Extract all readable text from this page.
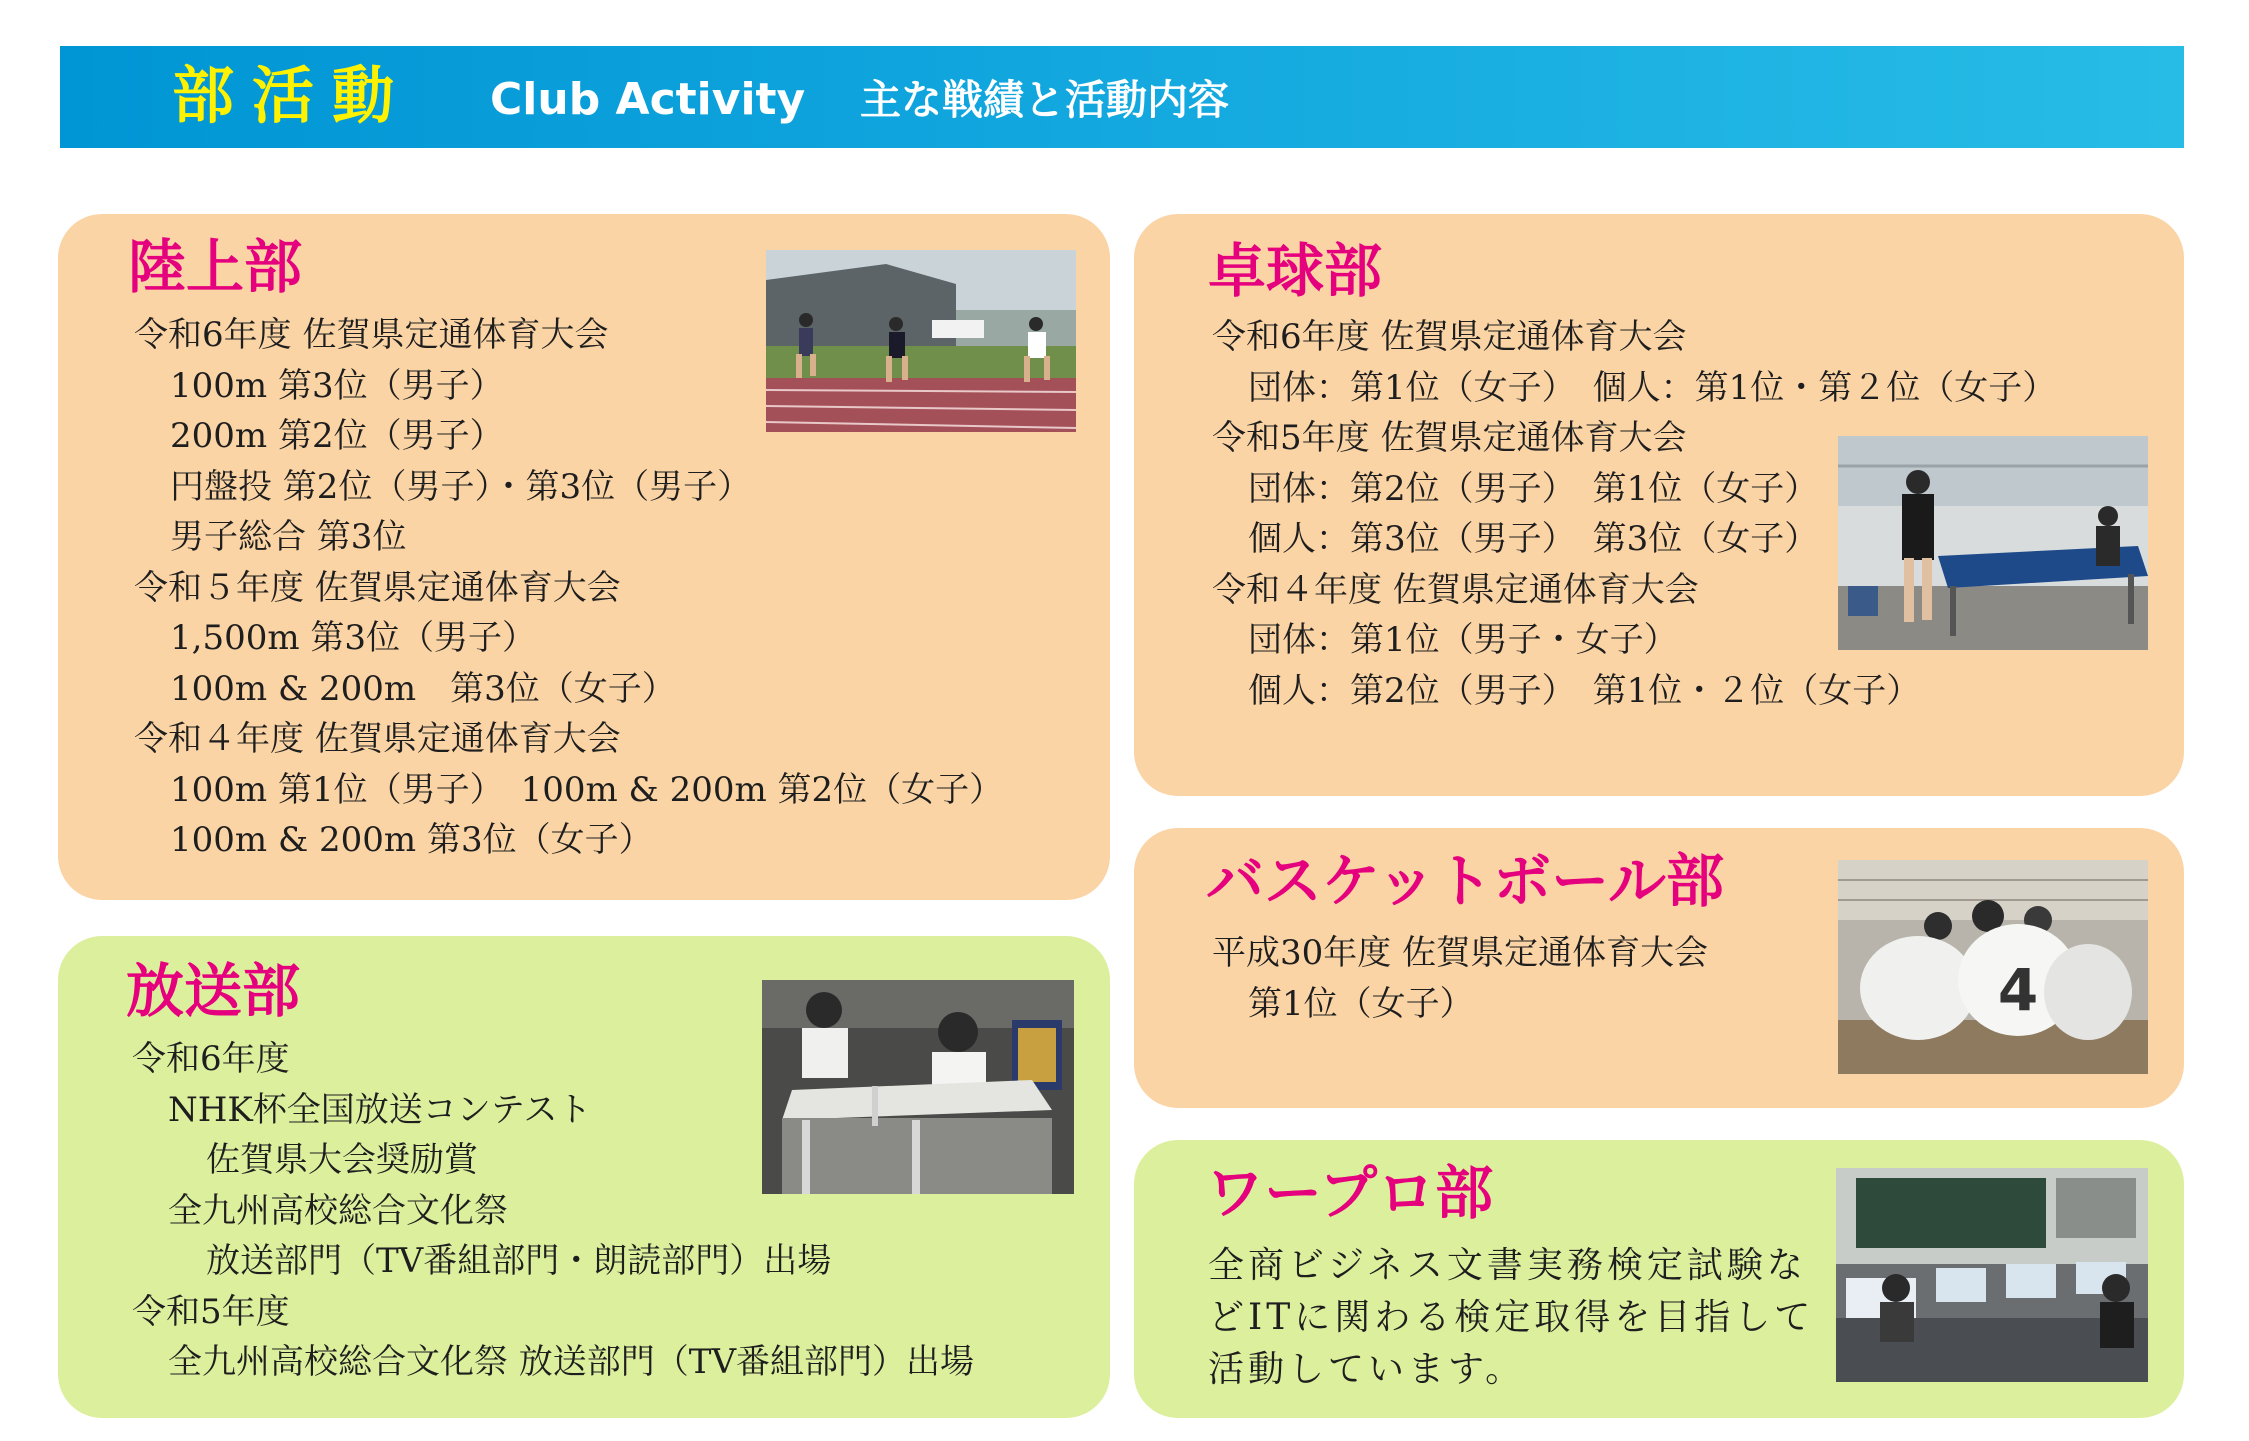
部活動 Club Activity 主な戦績と活動内容
陸上部
令和6年度 佐賀県定通体育大会
100m 第3位（男子）
200m 第2位（男子）
円盤投 第2位（男子）・第3位（男子）
男子総合 第3位
令和５年度 佐賀県定通体育大会
1,500m 第3位（男子）
100m & 200m　第3位（女子）
令和４年度 佐賀県定通体育大会
100m 第1位（男子）　100m & 200m 第2位（女子）
100m & 200m 第3位（女子）
放送部
令和6年度
NHK杯全国放送コンテスト
佐賀県大会奨励賞
全九州高校総合文化祭
放送部門（TV番組部門・朗読部門）出場
令和5年度
全九州高校総合文化祭 放送部門（TV番組部門）出場
卓球部
令和6年度 佐賀県定通体育大会
団体：第1位（女子）　個人：第1位・第２位（女子）
令和5年度 佐賀県定通体育大会
団体：第2位（男子）　第1位（女子）
個人：第3位（男子）　第3位（女子）
令和４年度 佐賀県定通体育大会
団体：第1位（男子・女子）
個人：第2位（男子）　第1位・２位（女子）
バスケットボール部
平成30年度 佐賀県定通体育大会
第1位（女子）	4
ワープロ部
全商ビジネス文書実務検定試験な
どITに関わる検定取得を目指して
活動しています。
